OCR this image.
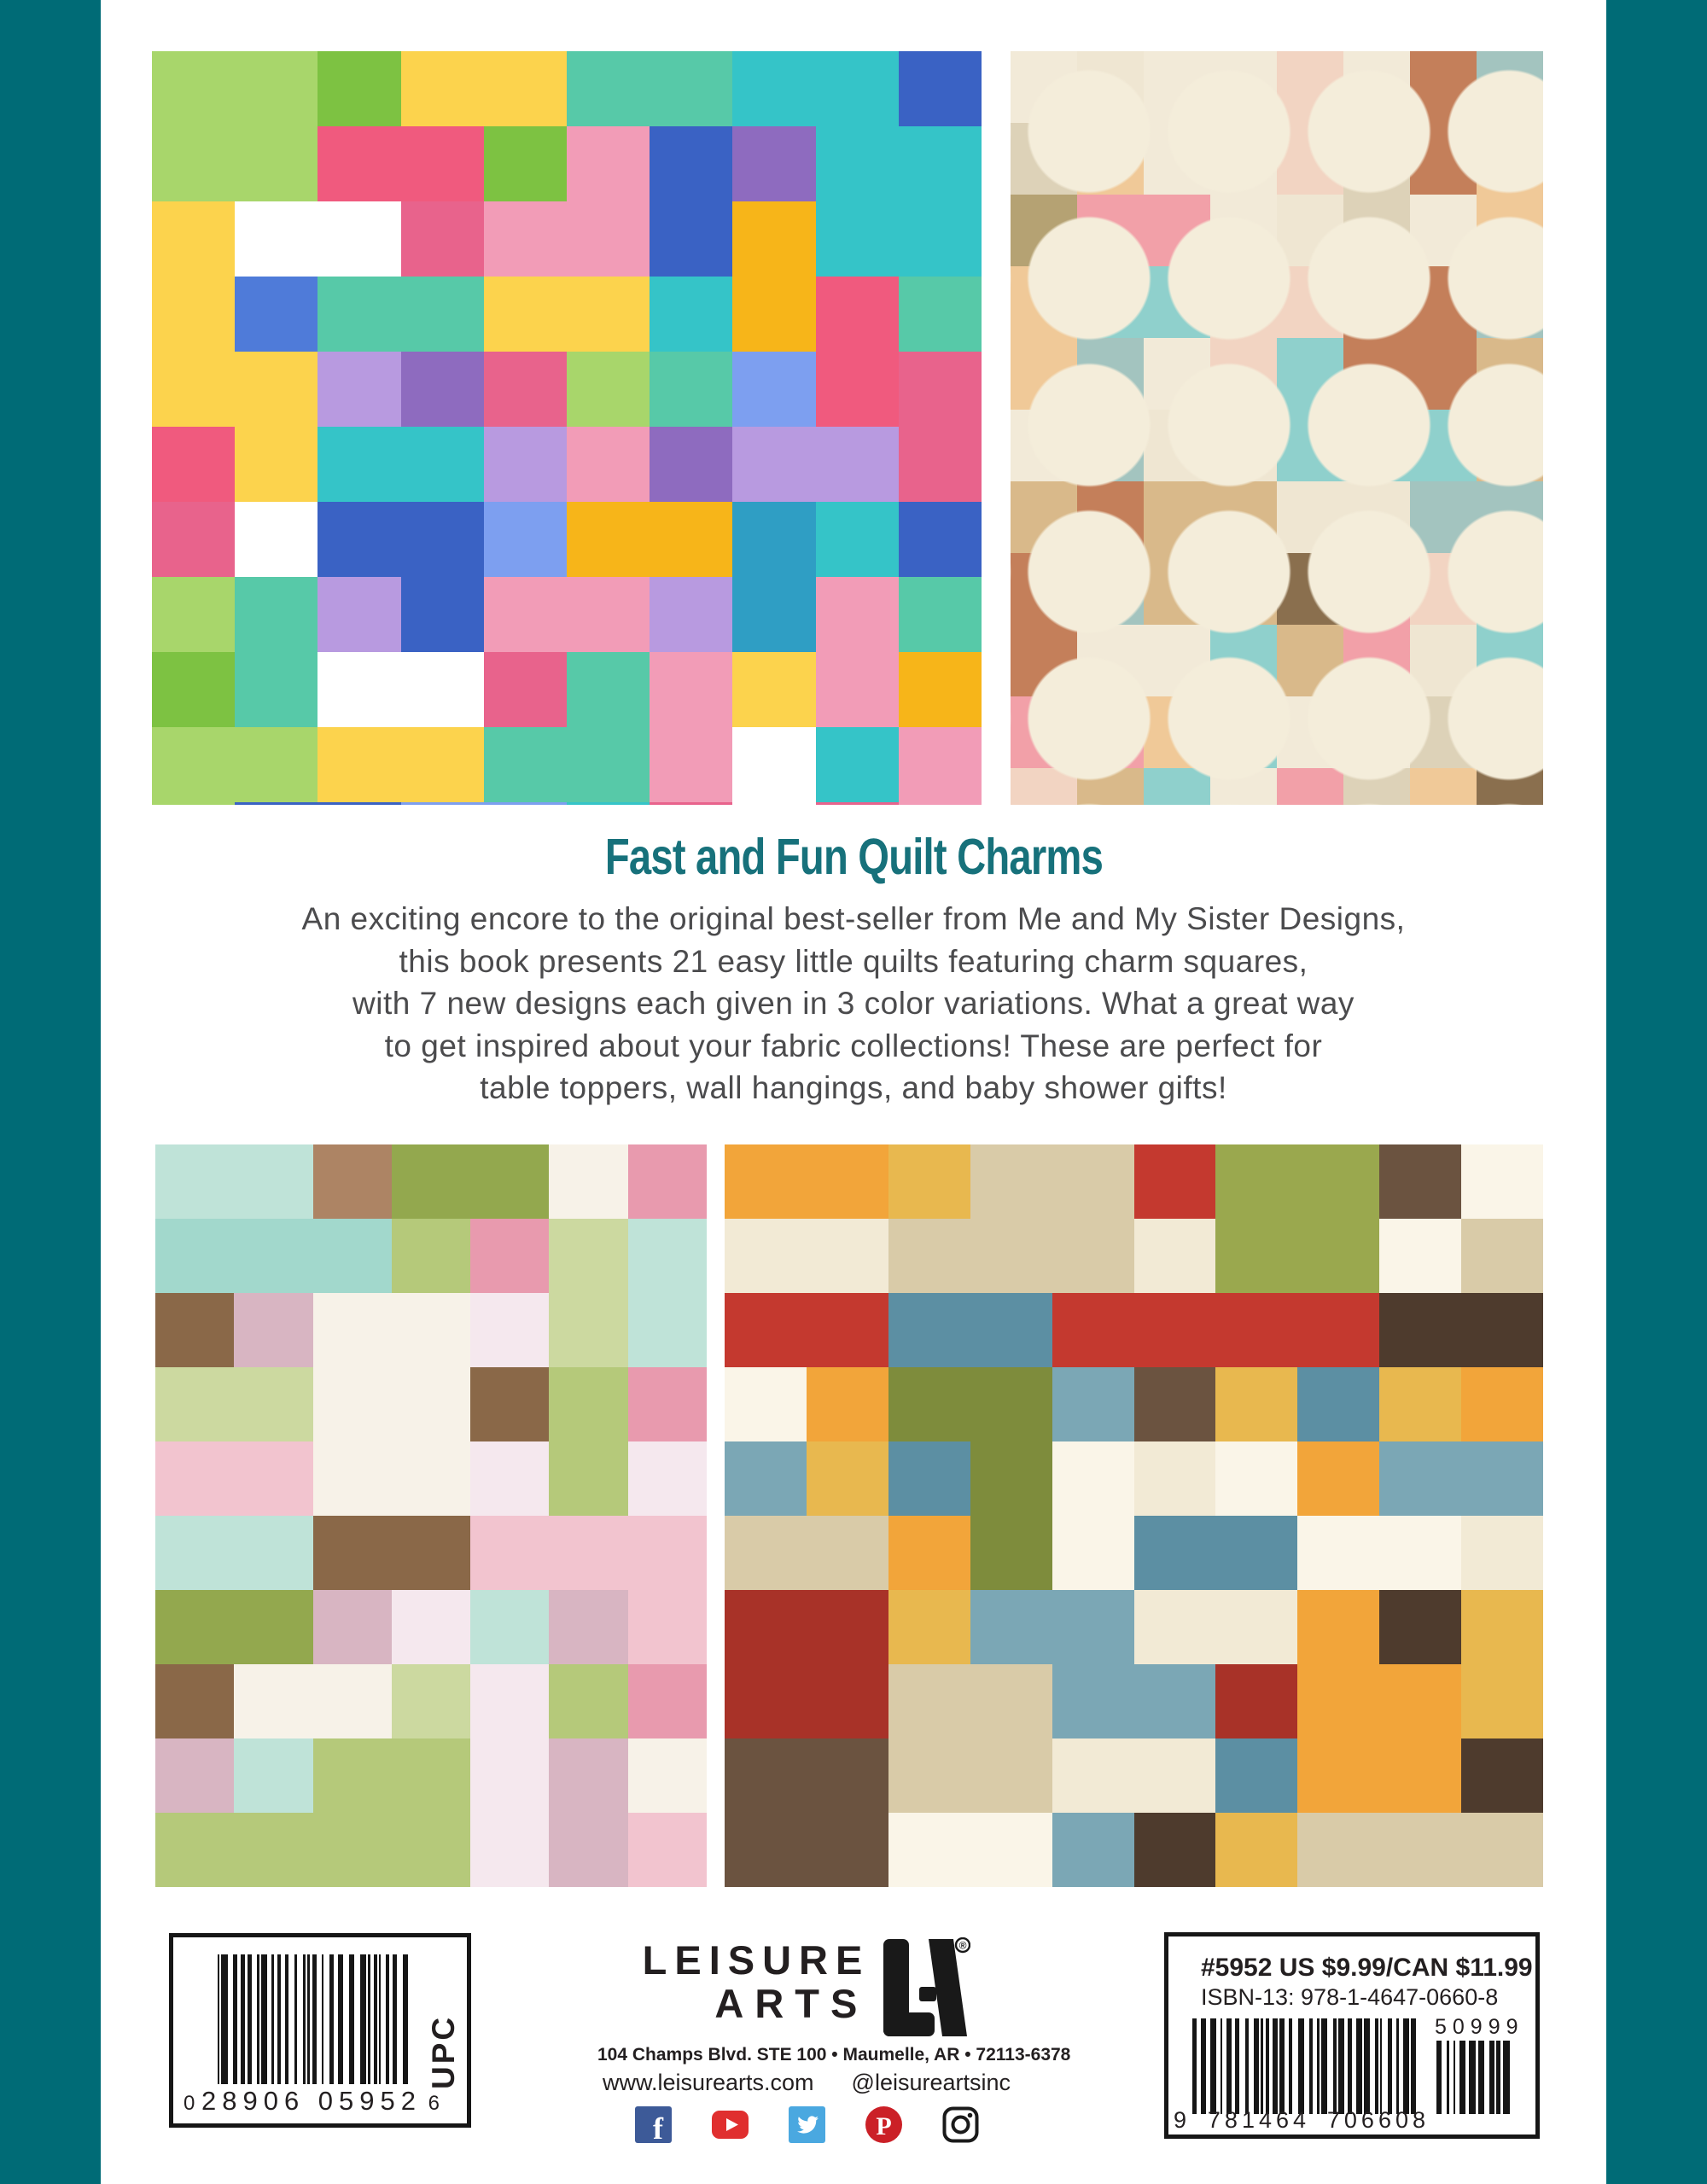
Fast and Fun Quilt Charms
An exciting encore to the original best-seller from Me and My Sister Designs,
this book presents 21 easy little quilts featuring charm squares,
with 7 new designs each given in 3 color variations. What a great way
to get inspired about your fabric collections! These are perfect for
table toppers, wall hangings, and baby shower gifts!
0 28906 05952 6
UPC
LEISURE
ARTS
®
104 Champs Blvd. STE 100 • Maumelle, AR • 72113-6378
www.leisurearts.com @leisureartsinc
f	P
#5952 US $9.99/CAN $11.99
ISBN-13: 978-1-4647-0660-8
9 781464 706608
50999
